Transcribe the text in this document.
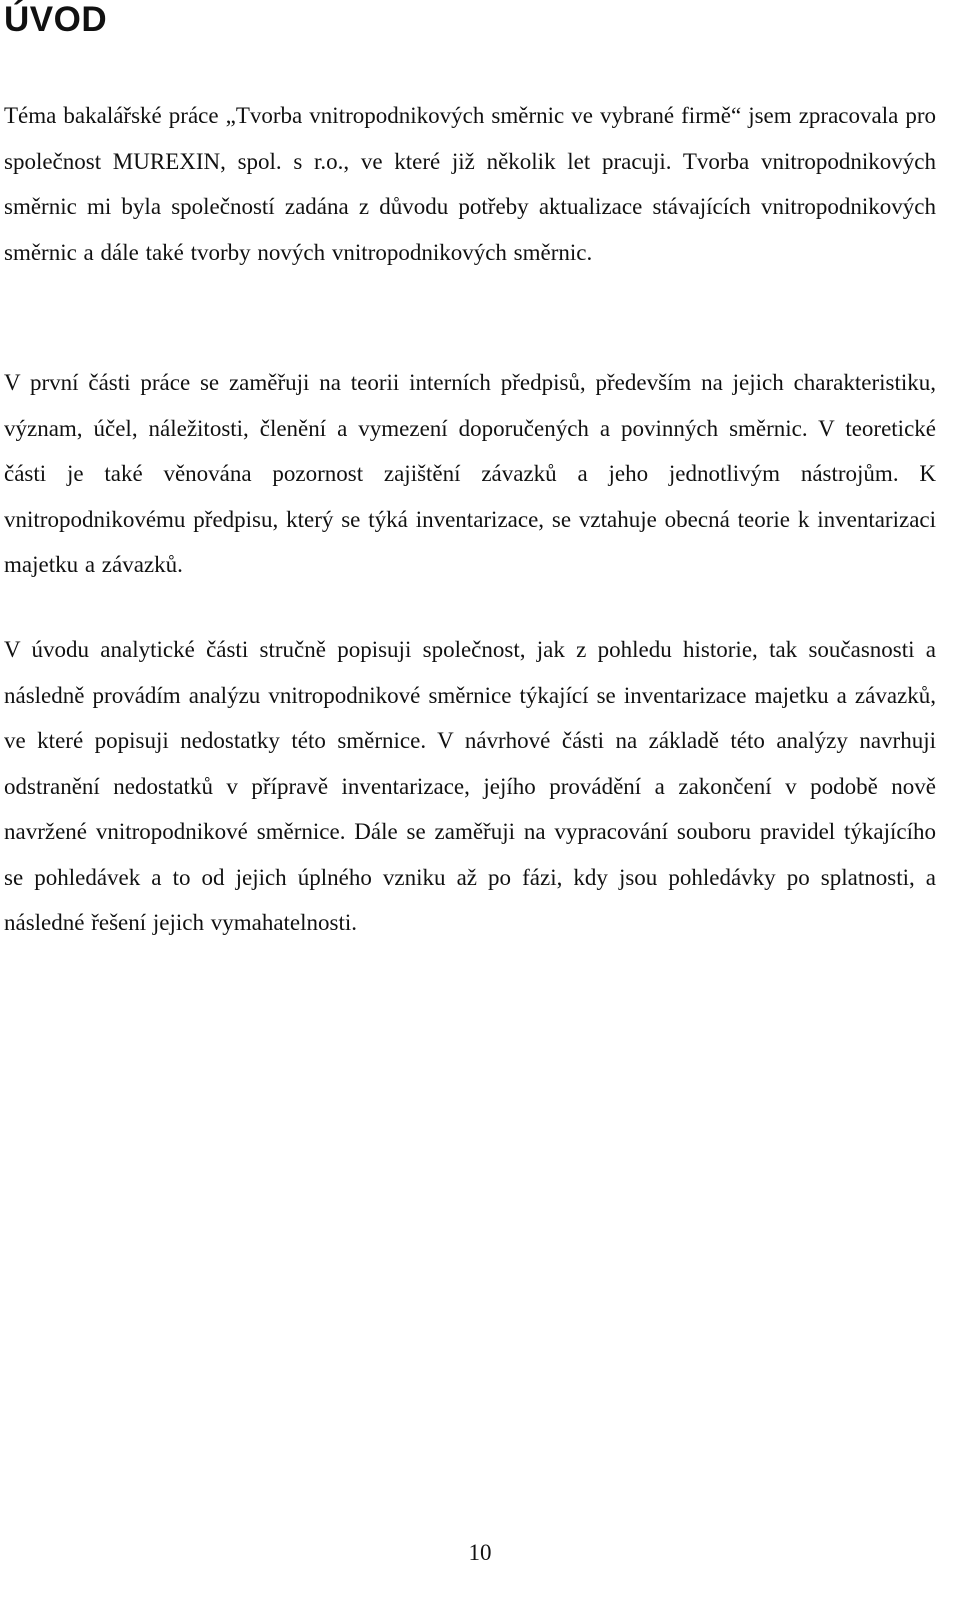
ÚVOD

Téma bakalářské práce „Tvorba vnitropodnikových směrnic ve vybrané firmě“ jsem zpracovala pro společnost MUREXIN, spol. s r.o., ve které již několik let pracuji. Tvorba vnitropodnikových směrnic mi byla společností zadána z důvodu potřeby aktualizace stávajících vnitropodnikových směrnic a dále také tvorby nových vnitropodnikových směrnic.

V první části práce se zaměřuji na teorii interních předpisů, především na jejich charakteristiku, význam, účel, náležitosti, členění a vymezení doporučených a povinných směrnic. V teoretické části je také věnována pozornost zajištění závazků a jeho jednotlivým nástrojům. K vnitropodnikovému předpisu, který se týká inventarizace, se vztahuje obecná teorie k inventarizaci majetku a závazků.

V úvodu analytické části stručně popisuji společnost, jak z pohledu historie, tak současnosti a následně provádím analýzu vnitropodnikové směrnice týkající se inventarizace majetku a závazků, ve které popisuji nedostatky této směrnice. V návrhové části na základě této analýzy navrhuji odstranění nedostatků v přípravě inventarizace, jejího provádění a zakončení v podobě nově navržené vnitropodnikové směrnice. Dále se zaměřuji na vypracování souboru pravidel týkajícího se pohledávek a to od jejich úplného vzniku až po fázi, kdy jsou pohledávky po splatnosti, a následné řešení jejich vymahatelnosti.

10
